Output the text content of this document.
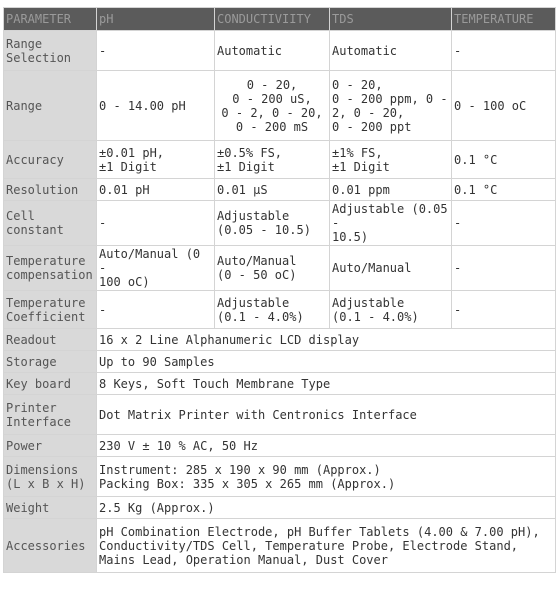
PARAMETER	pH	CONDUCTIVIITY	TDS	TEMPERATURE
Range Selection	-	Automatic	Automatic	-

Range	0 - 14.00 pH	0 - 20,
0 - 200 uS,
0 - 2, 0 - 20,
0 - 200 mS	0 - 20,
0 - 200 ppm, 0 -
2, 0 - 20,
0 - 200 ppt	0 - 100 oC

Accuracy	±0.01 pH,
±1 Digit	±0.5% FS,
±1 Digit	±1% FS,
±1 Digit	0.1 °C

Resolution	0.01 pH	0.01 µS	0.01 ppm	0.1 °C

Cell constant	-	Adjustable
(0.05 - 10.5)	Adjustable (0.05 -
10.5)	-

Temperature compensation	Auto/Manual (0 -
100 oC)	Auto/Manual
(0 - 50 oC)	Auto/Manual	-

Temperature Coefficient	-	Adjustable
(0.1 - 4.0%)	Adjustable
(0.1 - 4.0%)	-

Readout	16 x 2 Line Alphanumeric LCD display			

Storage	Up to 90 Samples			

Key board	8 Keys, Soft Touch Membrane Type			

Printer Interface	Dot Matrix Printer with Centronics Interface			

Power	230 V ± 10 % AC, 50 Hz			

Dimensions (L x B x H)	Instrument: 285 x 190 x 90 mm (Approx.)
Packing Box: 335 x 305 x 265 mm (Approx.)			

Weight	2.5 Kg (Approx.)			

Accessories	pH Combination Electrode, pH Buffer Tablets (4.00 & 7.00 pH),
Conductivity/TDS Cell, Temperature Probe, Electrode Stand,
Mains Lead, Operation Manual, Dust Cover			
